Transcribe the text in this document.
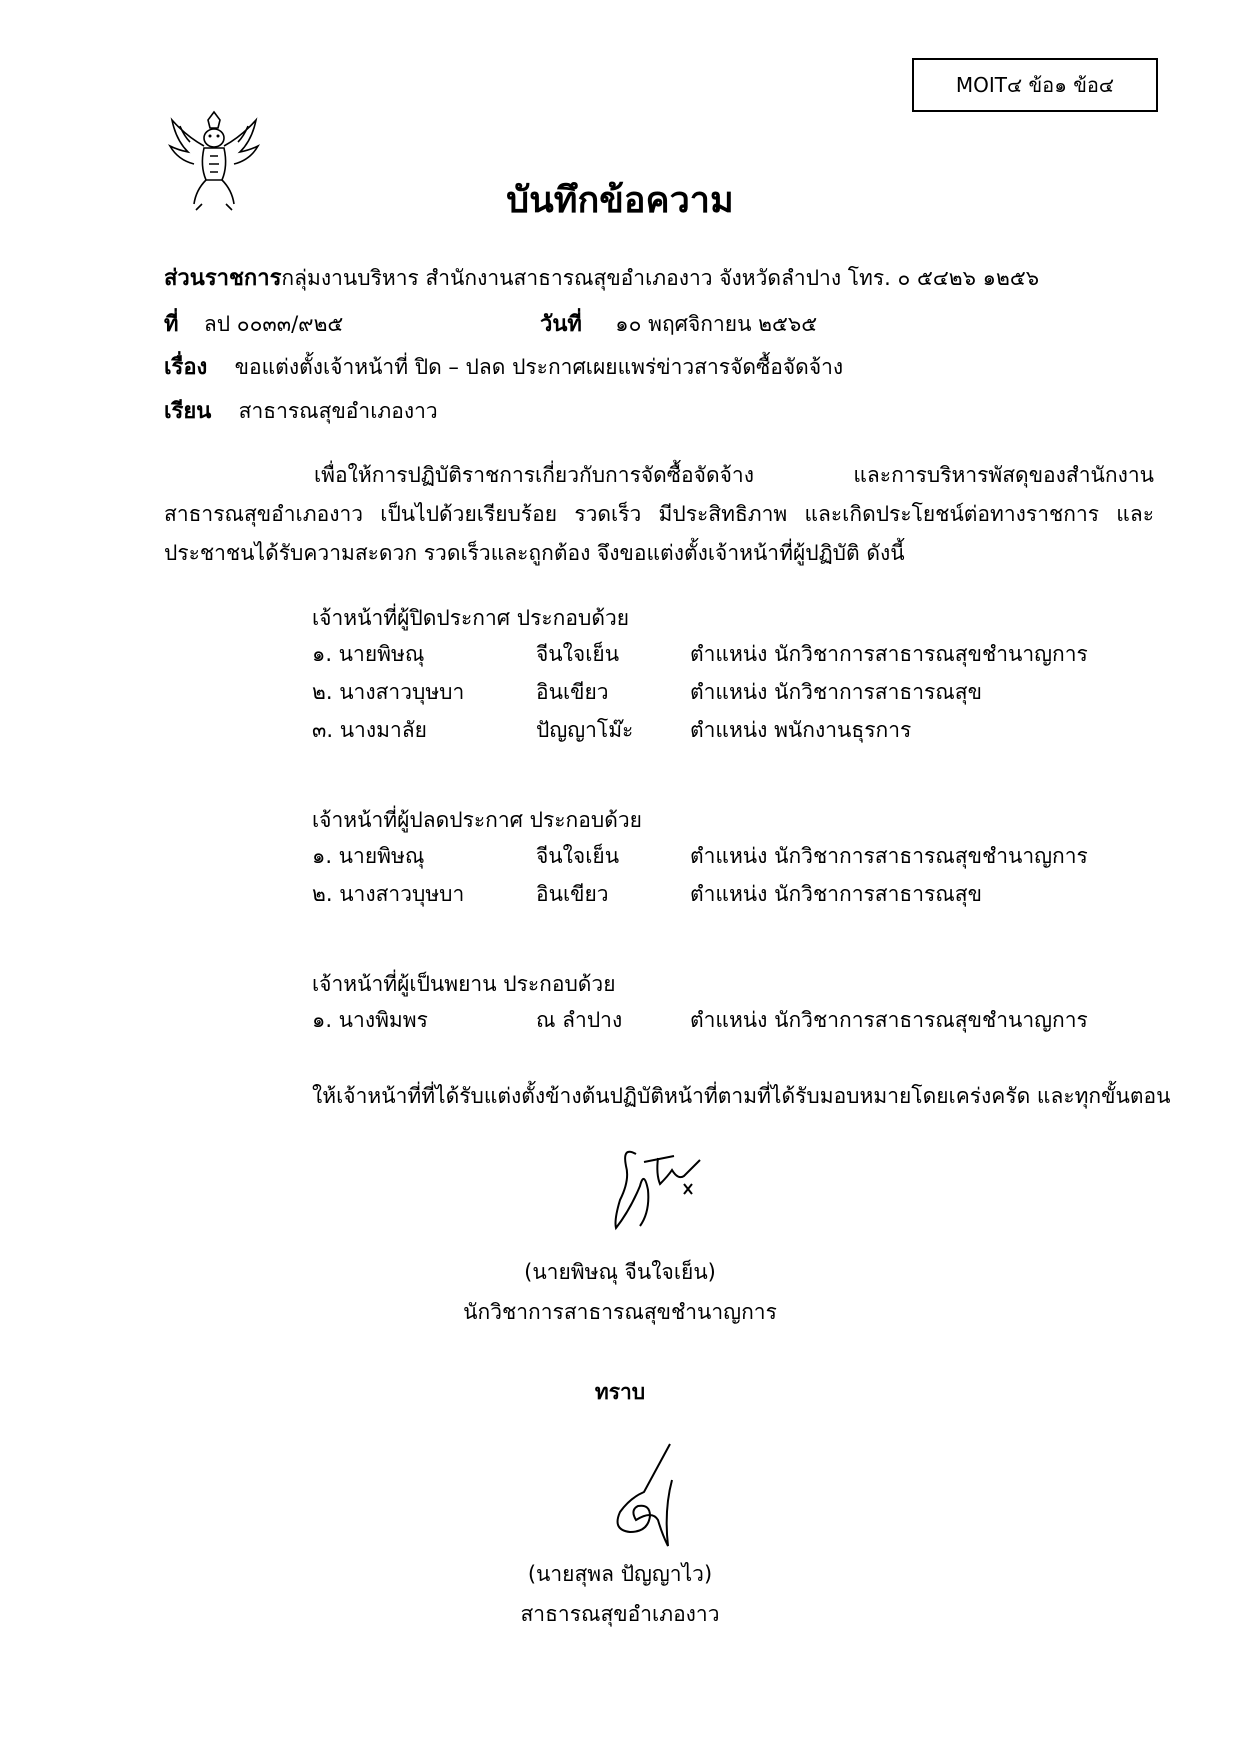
MOIT๔ ข้อ๑ ข้อ๔
บันทึกข้อความ
ส่วนราชการกลุ่มงานบริหาร สำนักงานสาธารณสุขอำเภองาว จังหวัดลำปาง โทร. ๐ ๕๔๒๖ ๑๒๕๖
ที่ ลป ๐๐๓๓/๙๒๕	วันที่ ๑๐ พฤศจิกายน ๒๕๖๕
เรื่อง ขอแต่งตั้งเจ้าหน้าที่ ปิด – ปลด ประกาศเผยแพร่ข่าวสารจัดซื้อจัดจ้าง
เรียน สาธารณสุขอำเภองาว
เพื่อให้การปฏิบัติราชการเกี่ยวกับการจัดซื้อจัดจ้าง และการบริหารพัสดุของสำนักงานสาธารณสุขอำเภองาว เป็นไปด้วยเรียบร้อย รวดเร็ว มีประสิทธิภาพ และเกิดประโยชน์ต่อทางราชการ และประชาชนได้รับความสะดวก รวดเร็วและถูกต้อง จึงขอแต่งตั้งเจ้าหน้าที่ผู้ปฏิบัติ ดังนี้
เจ้าหน้าที่ผู้ปิดประกาศ ประกอบด้วย
๑. นายพิษณุ	จีนใจเย็น	ตำแหน่ง นักวิชาการสาธารณสุขชำนาญการ
๒. นางสาวบุษบา	อินเขียว	ตำแหน่ง นักวิชาการสาธารณสุข
๓. นางมาลัย	ปัญญาโม๊ะ	ตำแหน่ง พนักงานธุรการ
เจ้าหน้าที่ผู้ปลดประกาศ ประกอบด้วย
๑. นายพิษณุ	จีนใจเย็น	ตำแหน่ง นักวิชาการสาธารณสุขชำนาญการ
๒. นางสาวบุษบา	อินเขียว	ตำแหน่ง นักวิชาการสาธารณสุข
เจ้าหน้าที่ผู้เป็นพยาน ประกอบด้วย
๑. นางพิมพร	ณ ลำปาง	ตำแหน่ง นักวิชาการสาธารณสุขชำนาญการ
ให้เจ้าหน้าที่ที่ได้รับแต่งตั้งข้างต้นปฏิบัติหน้าที่ตามที่ได้รับมอบหมายโดยเคร่งครัด และทุกขั้นตอน
(นายพิษณุ จีนใจเย็น)
นักวิชาการสาธารณสุขชำนาญการ
ทราบ
(นายสุพล ปัญญาไว)
สาธารณสุขอำเภองาว
